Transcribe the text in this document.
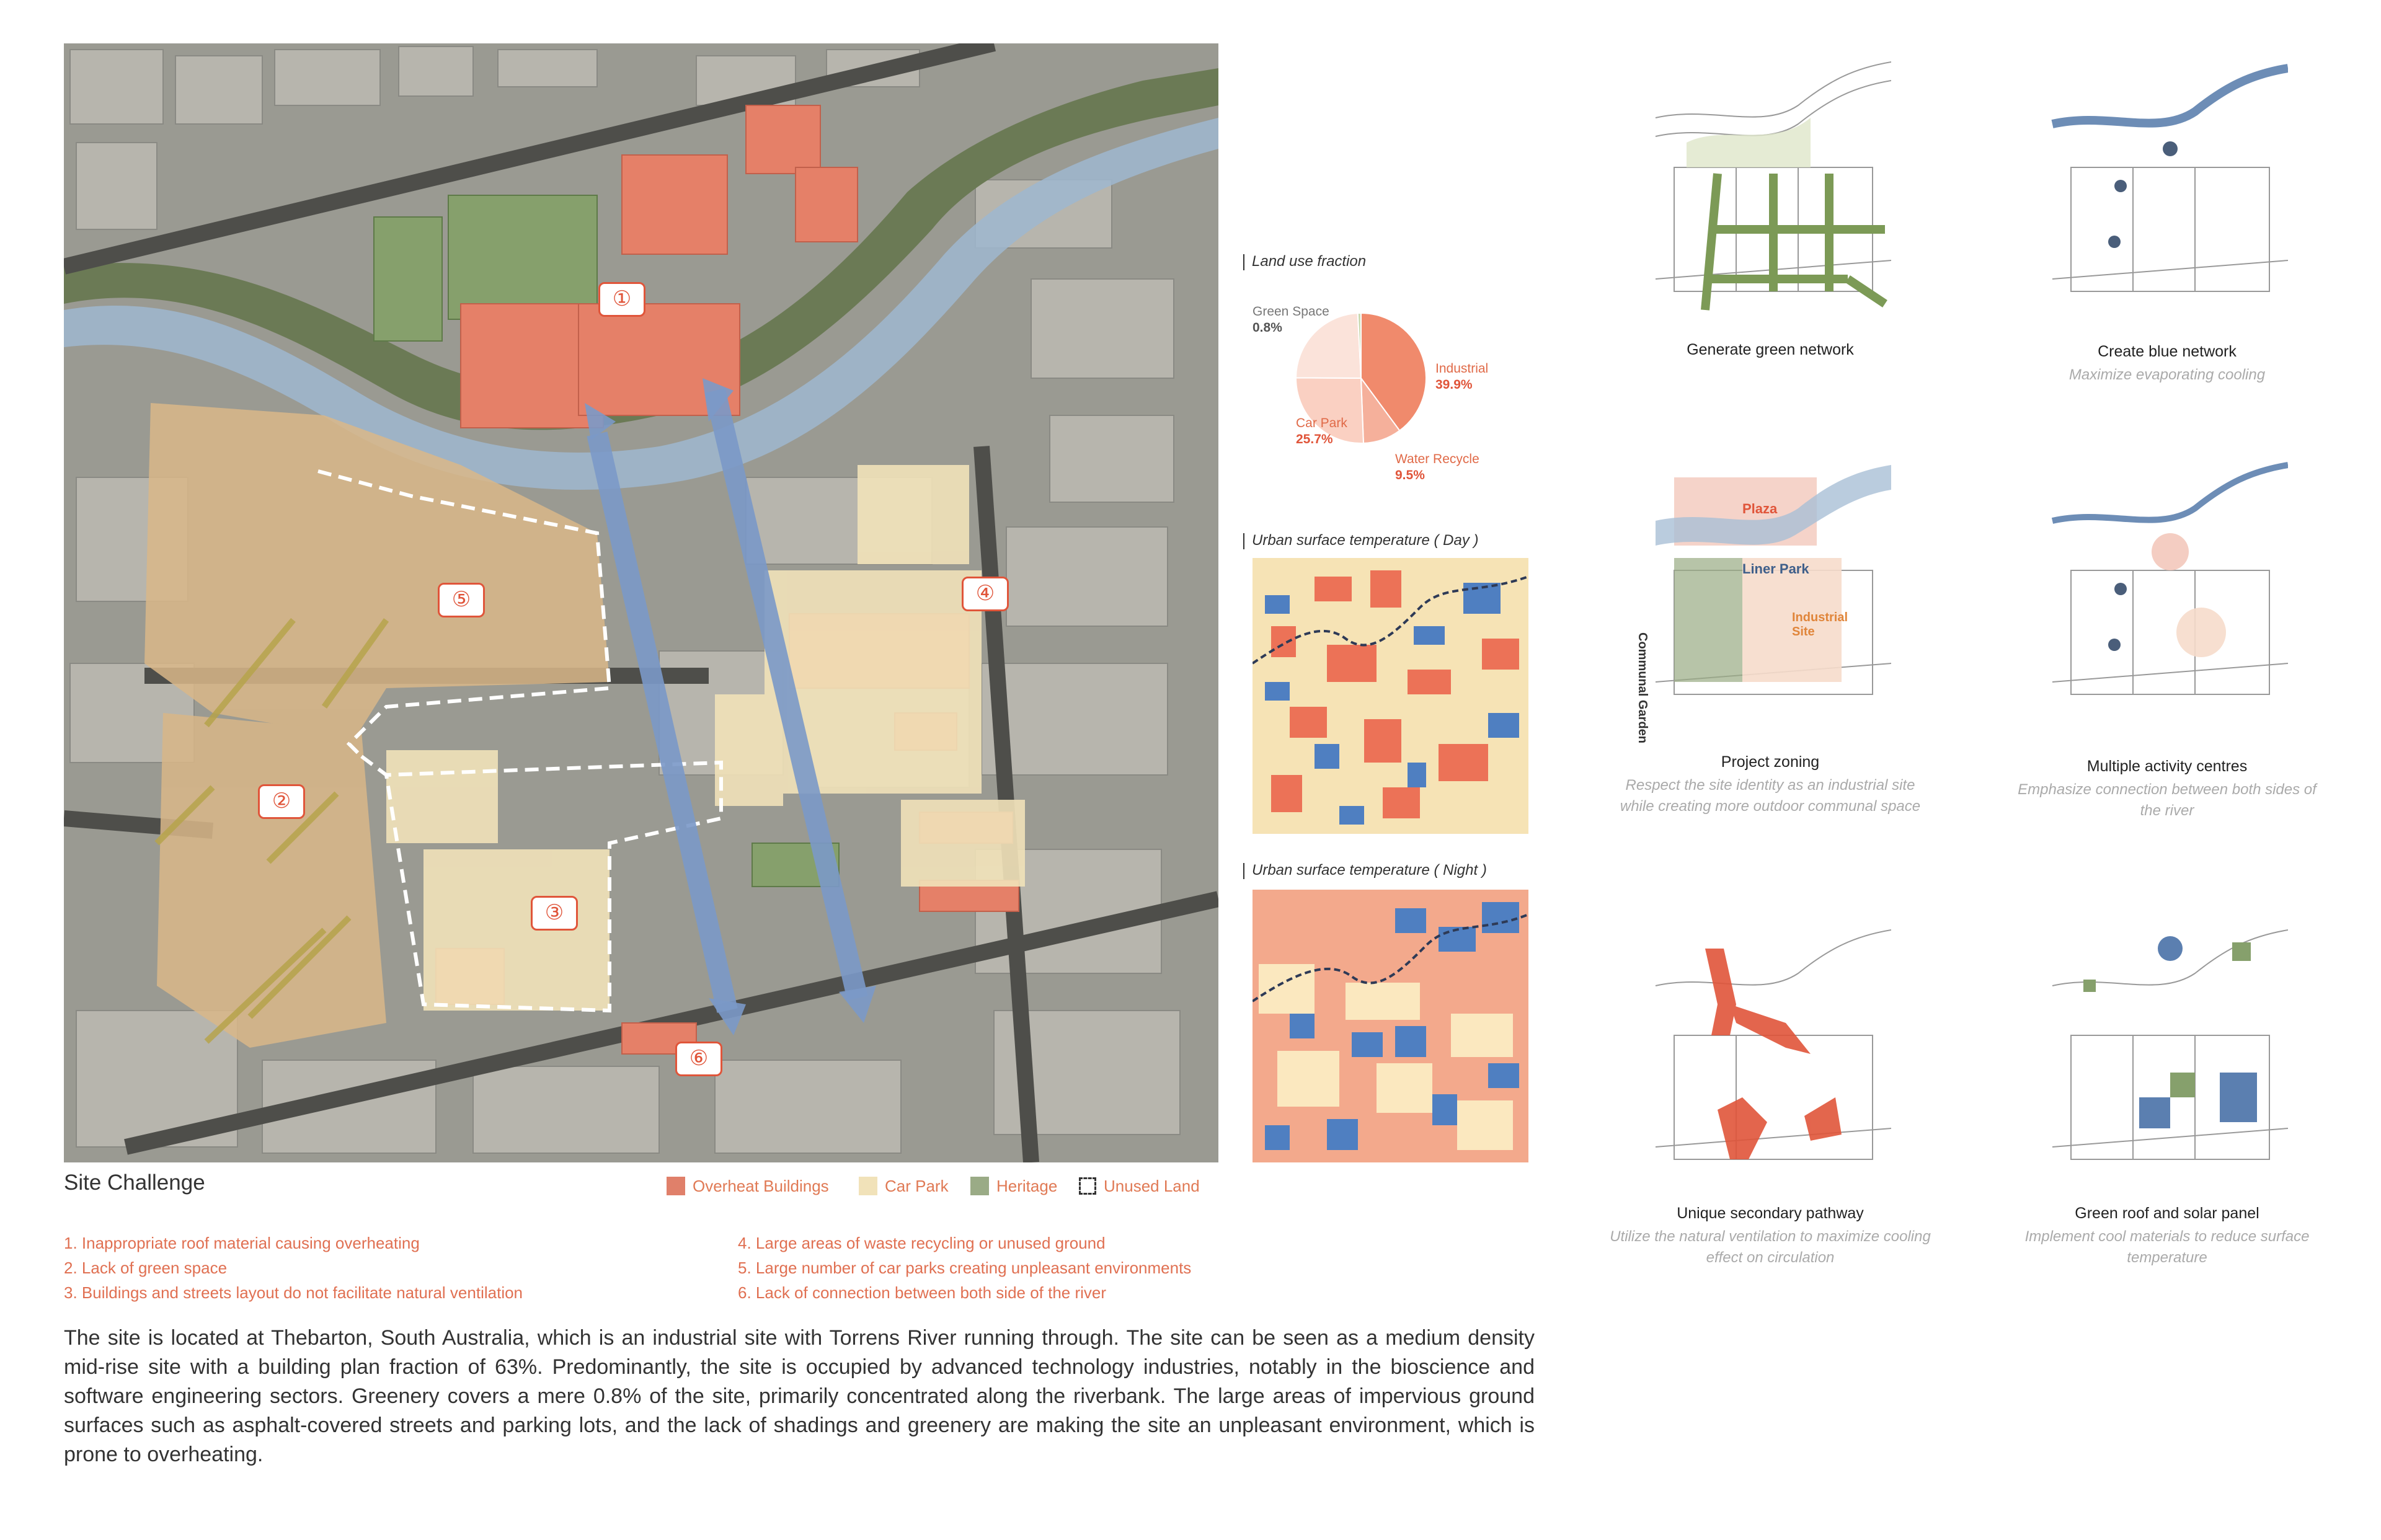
①
②
③
④
⑤
⑥
Site Challenge	Overheat Buildings	Car Park	Heritage	Unused Land
1. Inappropriate roof material causing overheating
2. Lack of green space
3. Buildings and streets layout do not facilitate natural ventilation
4. Large areas of waste recycling or unused ground
5. Large number of car parks creating unpleasant environments
6. Lack of connection between both side of the river
The site is located at Thebarton, South Australia, which is an industrial site with Torrens River running through. The site can be seen as a medium density mid-rise site with a building plan fraction of 63%. Predominantly, the site is occupied by advanced technology industries, notably in the bioscience and software engineering sectors. Greenery covers a mere 0.8% of the site, primarily concentrated along the riverbank. The large areas of impervious ground surfaces such as asphalt-covered streets and parking lots, and the lack of shadings and greenery are making the site an unpleasant environment, which is prone to overheating.
Land use fraction
Green Space
0.8%
Industrial
39.9%
Car Park
25.7%
Water Recycle
9.5%
Urban surface temperature ( Day )
Urban surface temperature ( Night )
Generate green network	Create blue network
Maximize evaporating cooling
Plaza
Liner Park
Communal Garden
Industrial Site
Project zoning
Respect the site identity as an industrial site while creating more outdoor communal space
Multiple activity centres
Emphasize connection between both sides of the river
Unique secondary pathway
Utilize the natural ventilation to maximize cooling effect on circulation
Green roof and solar panel
Implement cool materials to reduce surface temperature
